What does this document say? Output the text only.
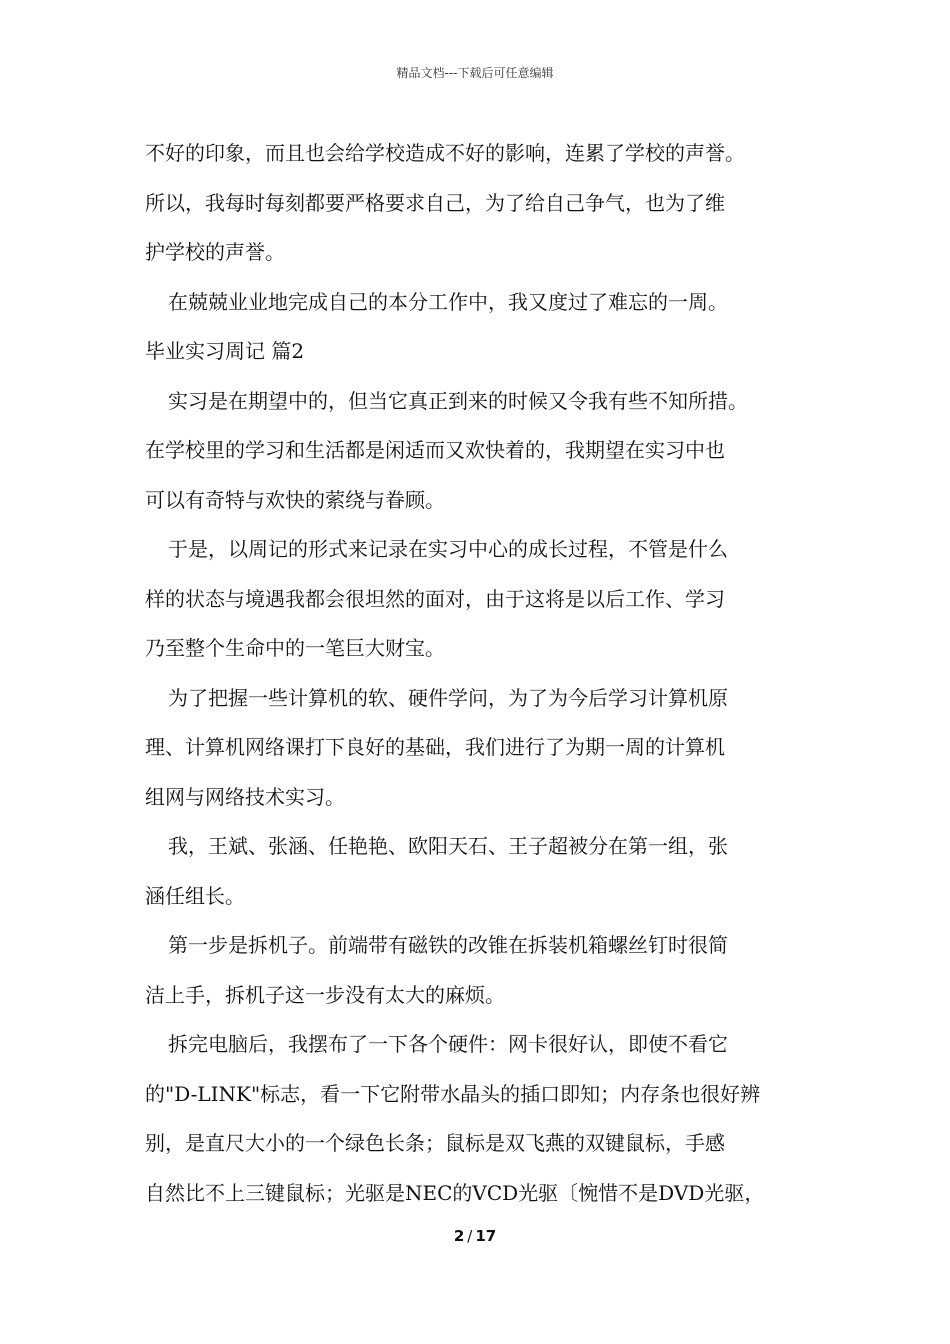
精品文档---下载后可任意编辑

不好的印象，而且也会给学校造成不好的影响，连累了学校的声誉。

所以，我每时每刻都要严格要求自己，为了给自己争气，也为了维

护学校的声誉。

在兢兢业业地完成自己的本分工作中，我又度过了难忘的一周。

毕业实习周记 篇2

实习是在期望中的，但当它真正到来的时候又令我有些不知所措。

在学校里的学习和生活都是闲适而又欢快着的，我期望在实习中也

可以有奇特与欢快的萦绕与眷顾。

于是，以周记的形式来记录在实习中心的成长过程，不管是什么

样的状态与境遇我都会很坦然的面对，由于这将是以后工作、学习

乃至整个生命中的一笔巨大财宝。

为了把握一些计算机的软、硬件学问，为了为今后学习计算机原

理、计算机网络课打下良好的基础，我们进行了为期一周的计算机

组网与网络技术实习。

我，王斌、张涵、任艳艳、欧阳天石、王子超被分在第一组，张

涵任组长。

第一步是拆机子。前端带有磁铁的改锥在拆装机箱螺丝钉时很简

洁上手，拆机子这一步没有太大的麻烦。

拆完电脑后，我摆布了一下各个硬件：网卡很好认，即使不看它

的"D-LINK"标志，看一下它附带水晶头的插口即知；内存条也很好辨

别，是直尺大小的一个绿色长条；鼠标是双飞燕的双键鼠标，手感

自然比不上三键鼠标；光驱是NEC的VCD光驱〔惋惜不是DVD光驱，

2 / 17
